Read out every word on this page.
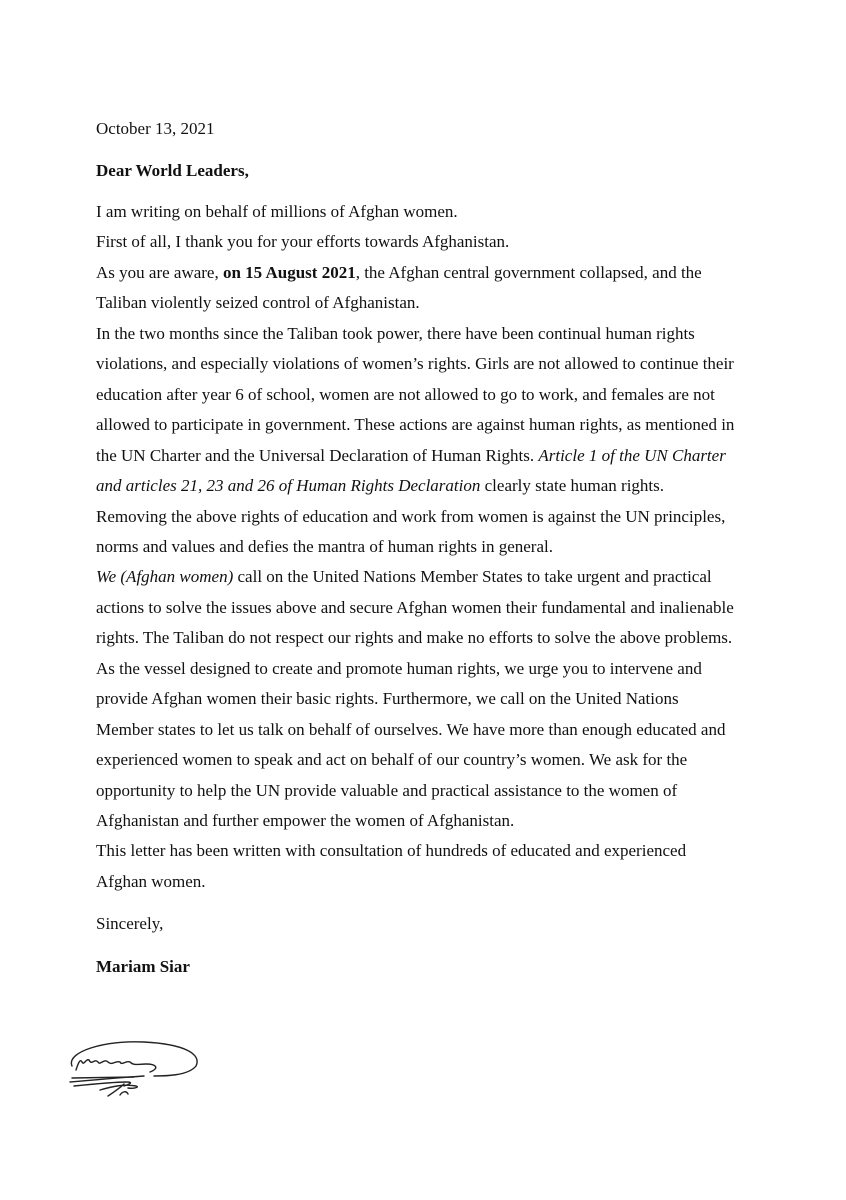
October 13, 2021
Dear World Leaders,
I am writing on behalf of millions of Afghan women.
First of all, I thank you for your efforts towards Afghanistan.
As you are aware, on 15 August 2021, the Afghan central government collapsed, and the
Taliban violently seized control of Afghanistan.
In the two months since the Taliban took power, there have been continual human rights
violations, and especially violations of women’s rights. Girls are not allowed to continue their
education after year 6 of school, women are not allowed to go to work, and females are not
allowed to participate in government. These actions are against human rights, as mentioned in
the UN Charter and the Universal Declaration of Human Rights. Article 1 of the UN Charter
and articles 21, 23 and 26 of Human Rights Declaration clearly state human rights.
Removing the above rights of education and work from women is against the UN principles,
norms and values and defies the mantra of human rights in general.
We (Afghan women) call on the United Nations Member States to take urgent and practical
actions to solve the issues above and secure Afghan women their fundamental and inalienable
rights. The Taliban do not respect our rights and make no efforts to solve the above problems.
As the vessel designed to create and promote human rights, we urge you to intervene and
provide Afghan women their basic rights. Furthermore, we call on the United Nations
Member states to let us talk on behalf of ourselves. We have more than enough educated and
experienced women to speak and act on behalf of our country’s women. We ask for the
opportunity to help the UN provide valuable and practical assistance to the women of
Afghanistan and further empower the women of Afghanistan.
This letter has been written with consultation of hundreds of educated and experienced
Afghan women.
Sincerely,
Mariam Siar
